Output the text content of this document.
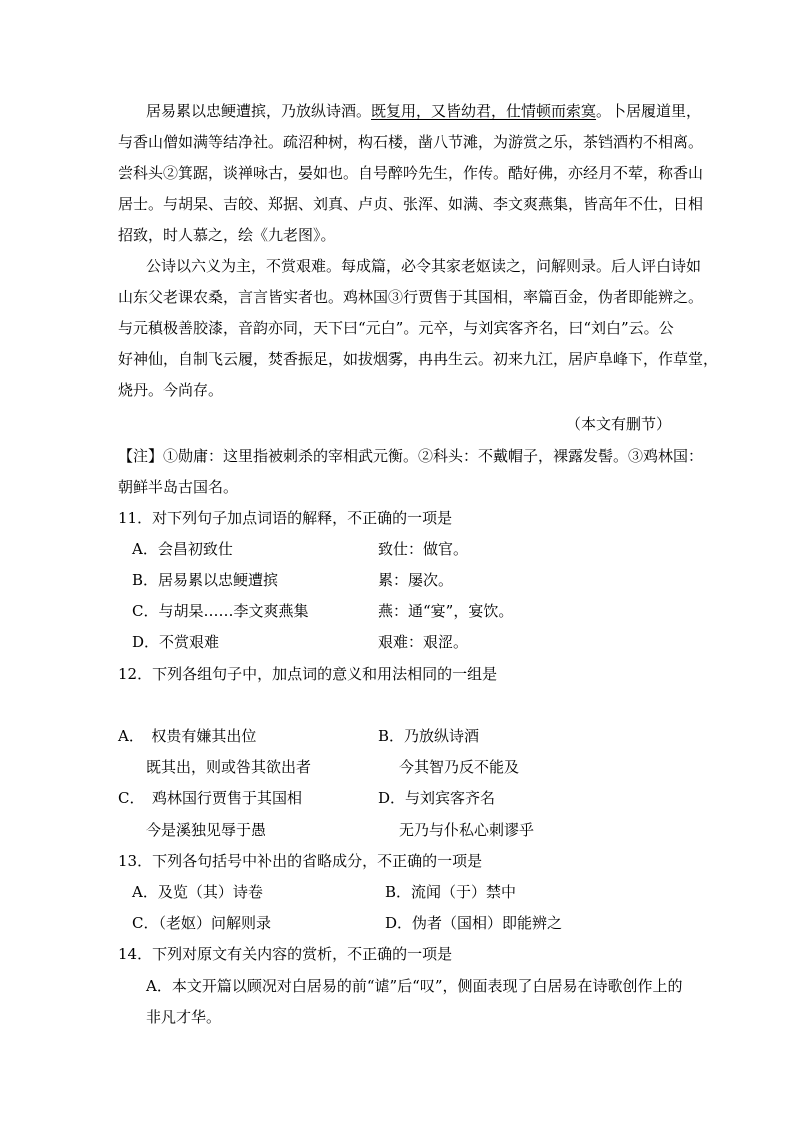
居易累以忠鲠遭摈，乃放纵诗酒。既复用，又皆幼君，仕情顿而索寞。卜居履道里，
与香山僧如满等结净社。疏沼种树，构石楼，凿八节滩，为游赏之乐，茶铛酒杓不相离。
尝科头②箕踞，谈禅咏古，晏如也。自号醉吟先生，作传。酷好佛，亦经月不荤，称香山
居士。与胡杲、吉皎、郑据、刘真、卢贞、张浑、如满、李文爽燕集，皆高年不仕，日相
招致，时人慕之，绘《九老图》。
公诗以六义为主，不赏艰难。每成篇，必令其家老妪读之，问解则录。后人评白诗如
山东父老课农桑，言言皆实者也。鸡林国③行贾售于其国相，率篇百金，伪者即能辨之。
与元稹极善胶漆，音韵亦同，天下曰“元白”。元卒，与刘宾客齐名，曰“刘白”云。公
好神仙，自制飞云履，焚香振足，如拔烟雾，冉冉生云。初来九江，居庐阜峰下，作草堂，
烧丹。今尚存。
（本文有删节）
【注】①勋庸：这里指被刺杀的宰相武元衡。②科头：不戴帽子，裸露发髻。③鸡林国：
朝鲜半岛古国名。
11．对下列句子加点词语的解释，不正确的一项是
A．会昌初致仕	致仕：做官。
B．居易累以忠鲠遭摈	累：屡次。
C．与胡杲……李文爽燕集	燕：通“宴”，宴饮。
D．不赏艰难	艰难：艰涩。
12．下列各组句子中，加点词的意义和用法相同的一组是
A．　权贵有嫌其出位	B．乃放纵诗酒
既其出，则或咎其欲出者	今其智乃反不能及
C．　鸡林国行贾售于其国相	D．与刘宾客齐名
今是溪独见辱于愚	无乃与仆私心刺谬乎
13．下列各句括号中补出的省略成分，不正确的一项是
A．及览（其）诗卷	B．流闻（于）禁中
C．（老妪）问解则录	D．伪者（国相）即能辨之
14．下列对原文有关内容的赏析，不正确的一项是
A．本文开篇以顾况对白居易的前“谑”后“叹”，侧面表现了白居易在诗歌创作上的
非凡才华。
